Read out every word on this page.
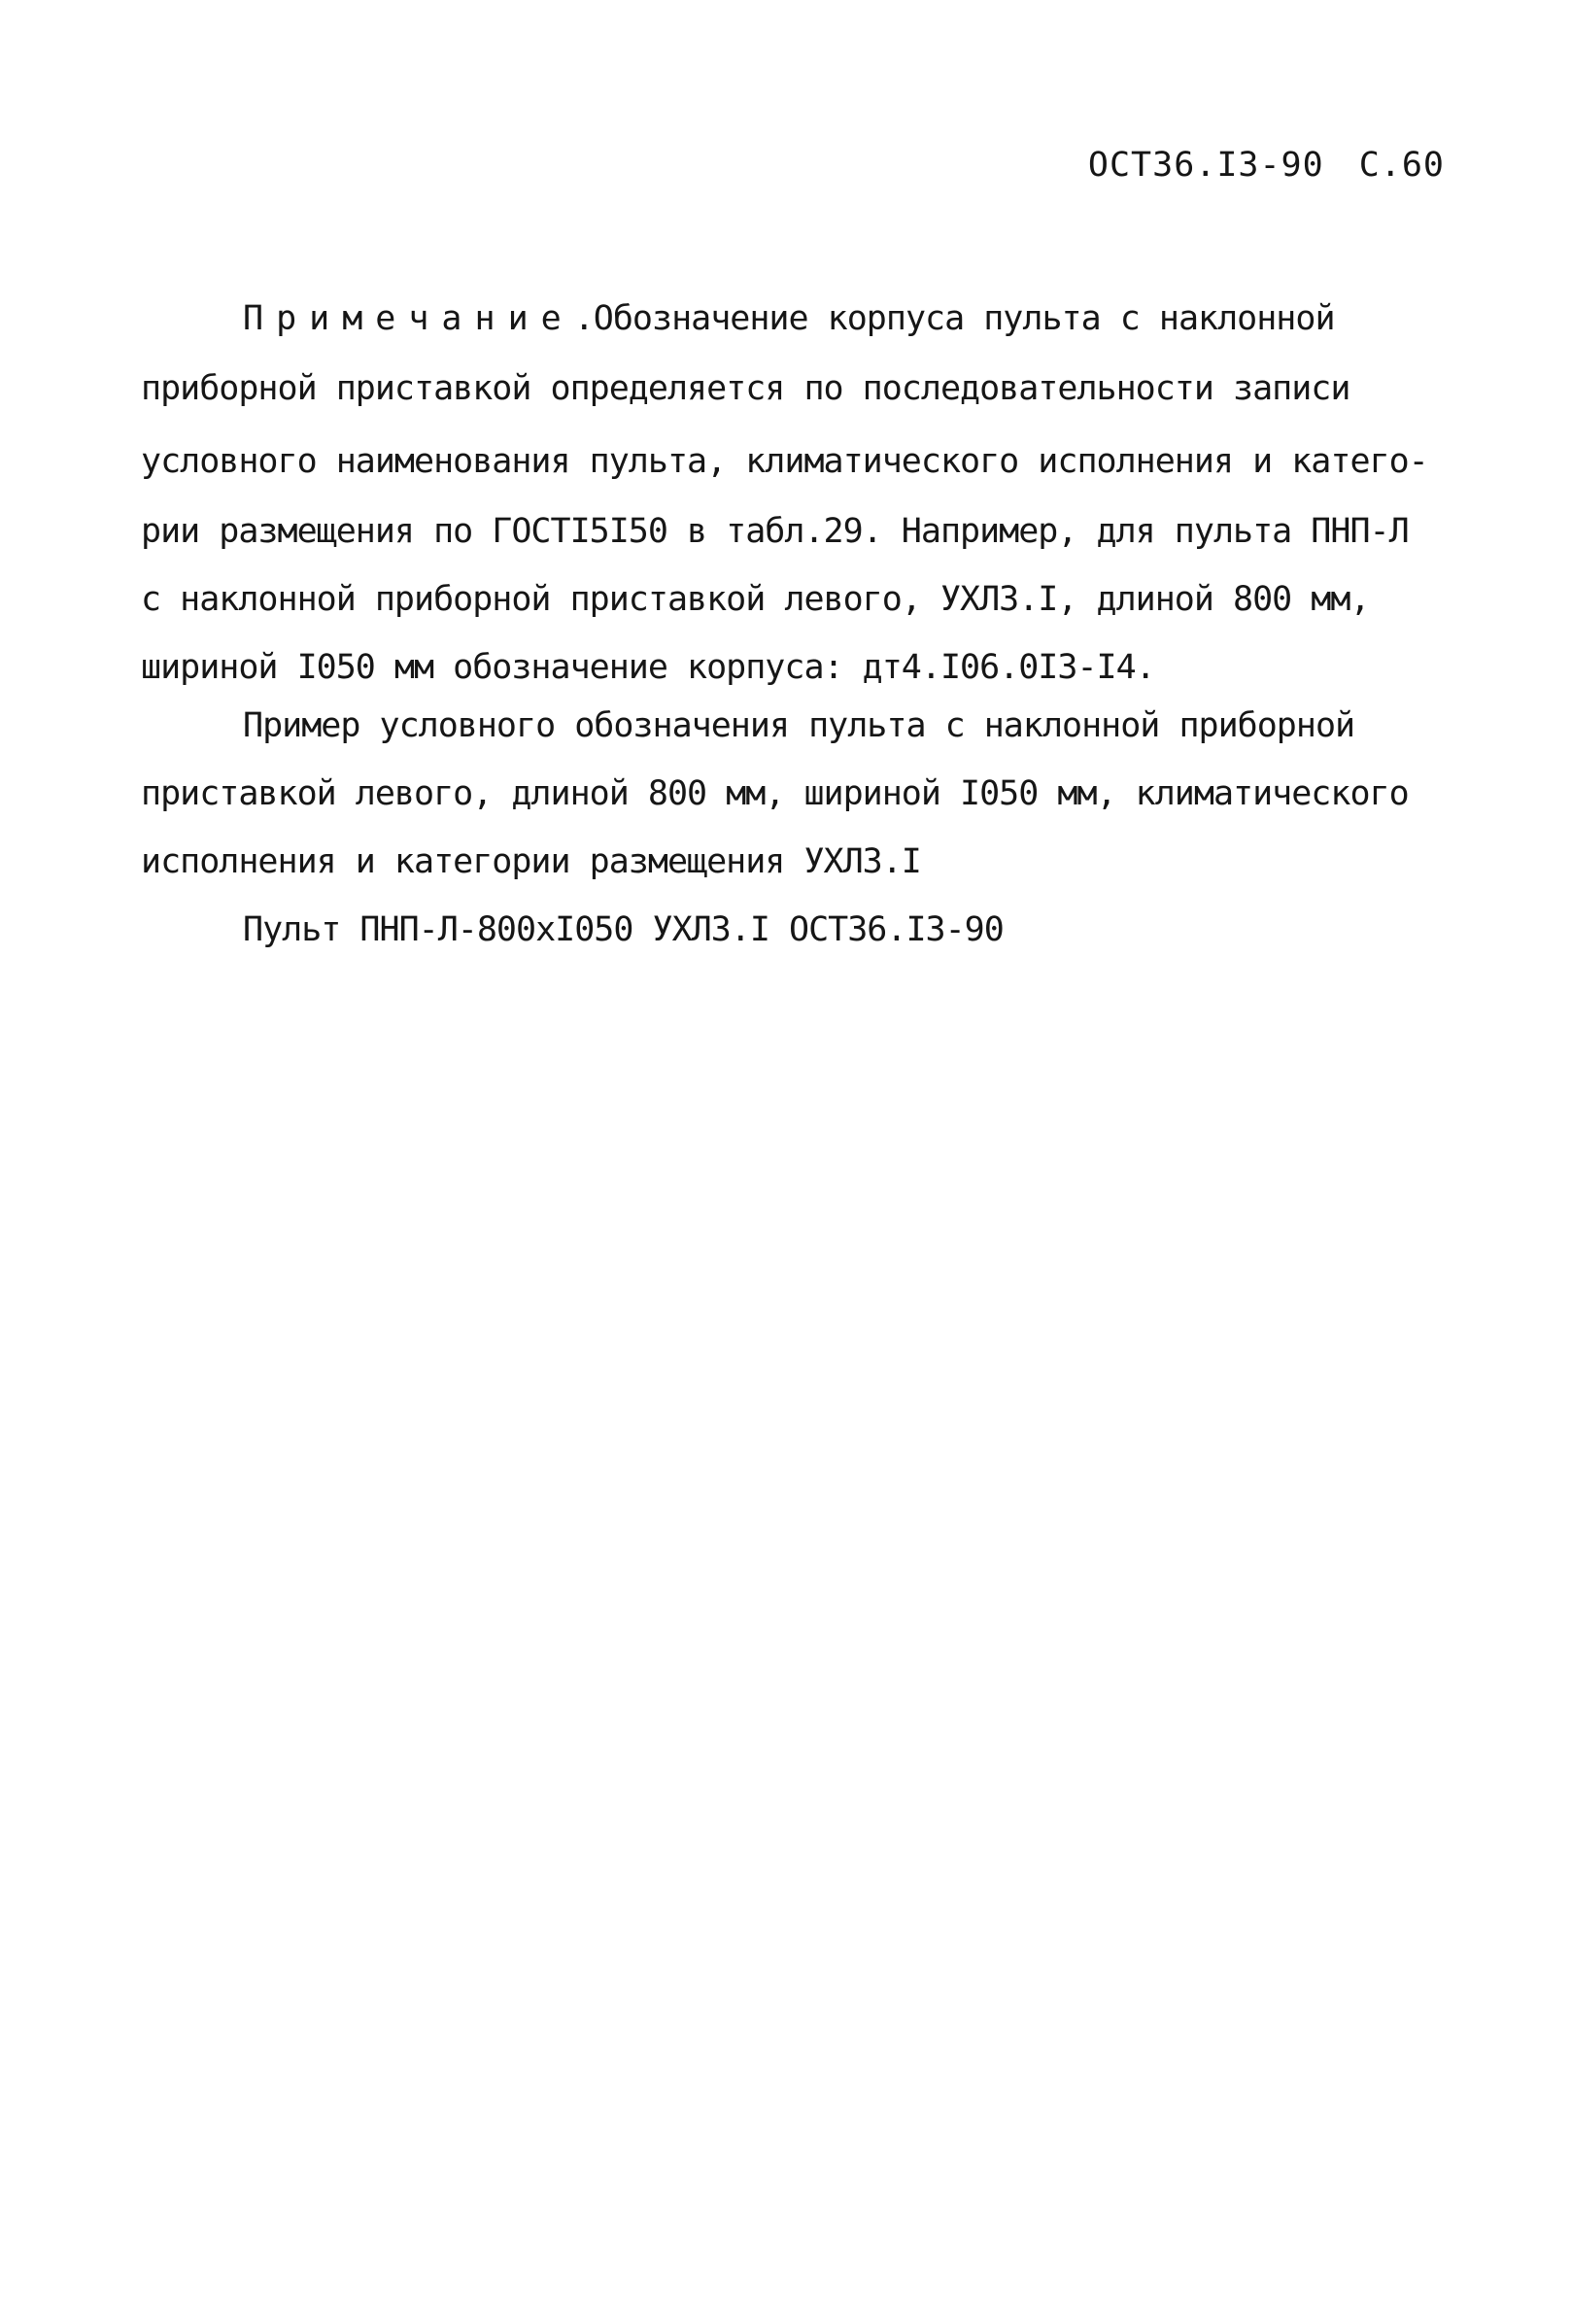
ОСТ36.I3-90 С.60
Примечание.Обозначение корпуса пульта с наклонной
приборной приставкой определяется по последовательности записи
условного наименования пульта, климатического исполнения и катего-
рии размещения по ГОСТI5I50 в табл.29. Например, для пульта ПНП-Л
с наклонной приборной приставкой левого, УХЛ3.I, длиной 800 мм,
шириной I050 мм обозначение корпуса: дт4.I06.0I3-I4.
Пример условного обозначения пульта с наклонной приборной
приставкой левого, длиной 800 мм, шириной I050 мм, климатического
исполнения и категории размещения УХЛ3.I
Пульт ПНП-Л-800хI050 УХЛ3.I ОСТ36.I3-90
